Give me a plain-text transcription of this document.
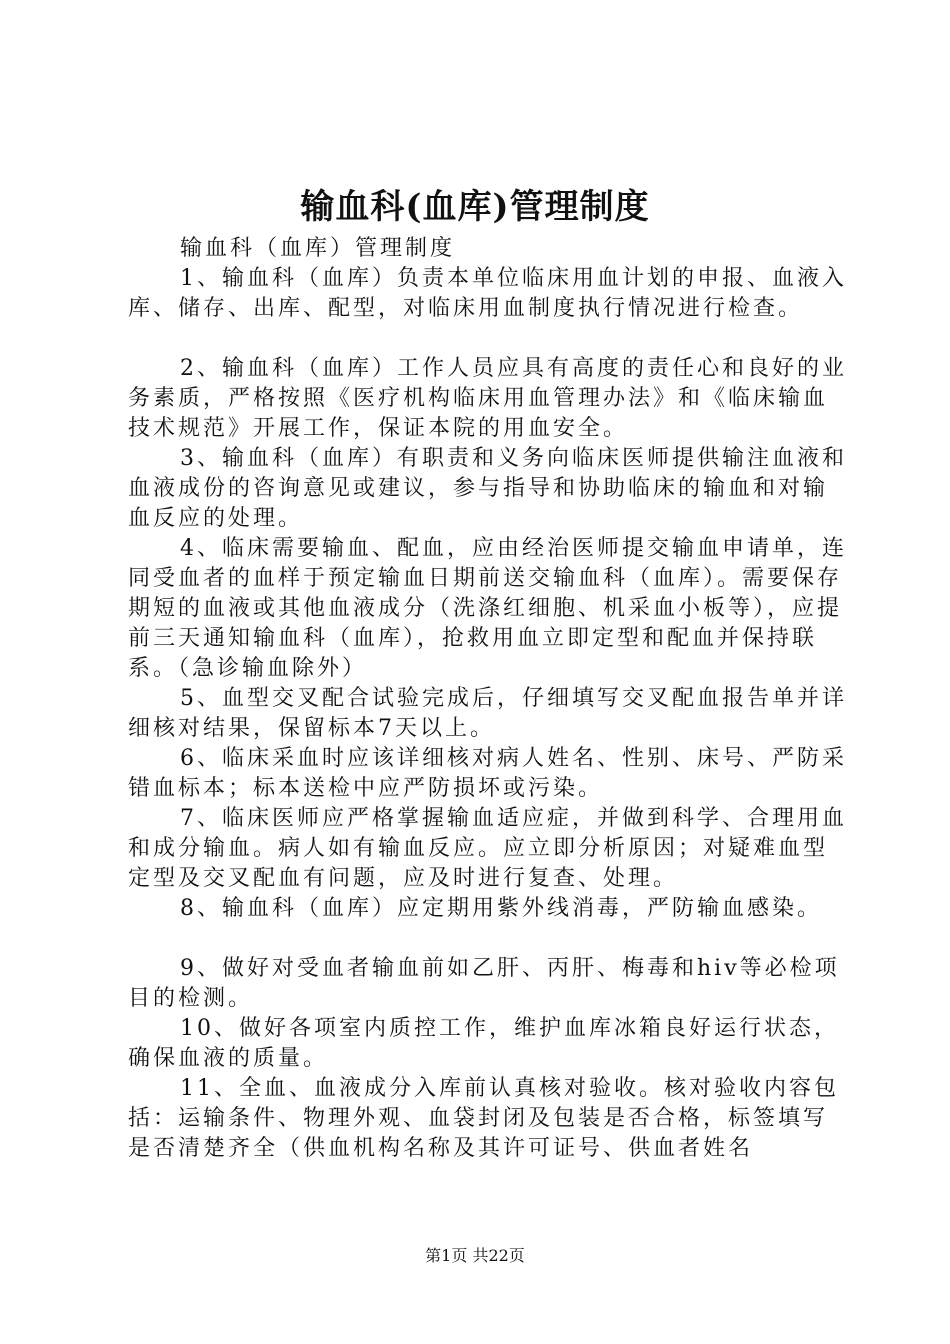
输血科(血库)管理制度

输血科（血库）管理制度

1、输血科（血库）负责本单位临床用血计划的申报、血液入库、储存、出库、配型，对临床用血制度执行情况进行检查。

2、输血科（血库）工作人员应具有高度的责任心和良好的业务素质，严格按照《医疗机构临床用血管理办法》和《临床输血技术规范》开展工作，保证本院的用血安全。

3、输血科（血库）有职责和义务向临床医师提供输注血液和血液成份的咨询意见或建议，参与指导和协助临床的输血和对输血反应的处理。

4、临床需要输血、配血，应由经治医师提交输血申请单，连同受血者的血样于预定输血日期前送交输血科（血库）。需要保存期短的血液或其他血液成分（洗涤红细胞、机采血小板等），应提前三天通知输血科（血库），抢救用血立即定型和配血并保持联系。（急诊输血除外）

5、血型交叉配合试验完成后，仔细填写交叉配血报告单并详细核对结果，保留标本7天以上。

6、临床采血时应该详细核对病人姓名、性别、床号、严防采错血标本；标本送检中应严防损坏或污染。

7、临床医师应严格掌握输血适应症，并做到科学、合理用血和成分输血。病人如有输血反应。应立即分析原因；对疑难血型定型及交叉配血有问题，应及时进行复查、处理。

8、输血科（血库）应定期用紫外线消毒，严防输血感染。

9、做好对受血者输血前如乙肝、丙肝、梅毒和hiv等必检项目的检测。

10、做好各项室内质控工作，维护血库冰箱良好运行状态，确保血液的质量。

11、全血、血液成分入库前认真核对验收。核对验收内容包括：运输条件、物理外观、血袋封闭及包装是否合格，标签填写是否清楚齐全（供血机构名称及其许可证号、供血者姓名

第1页 共22页
